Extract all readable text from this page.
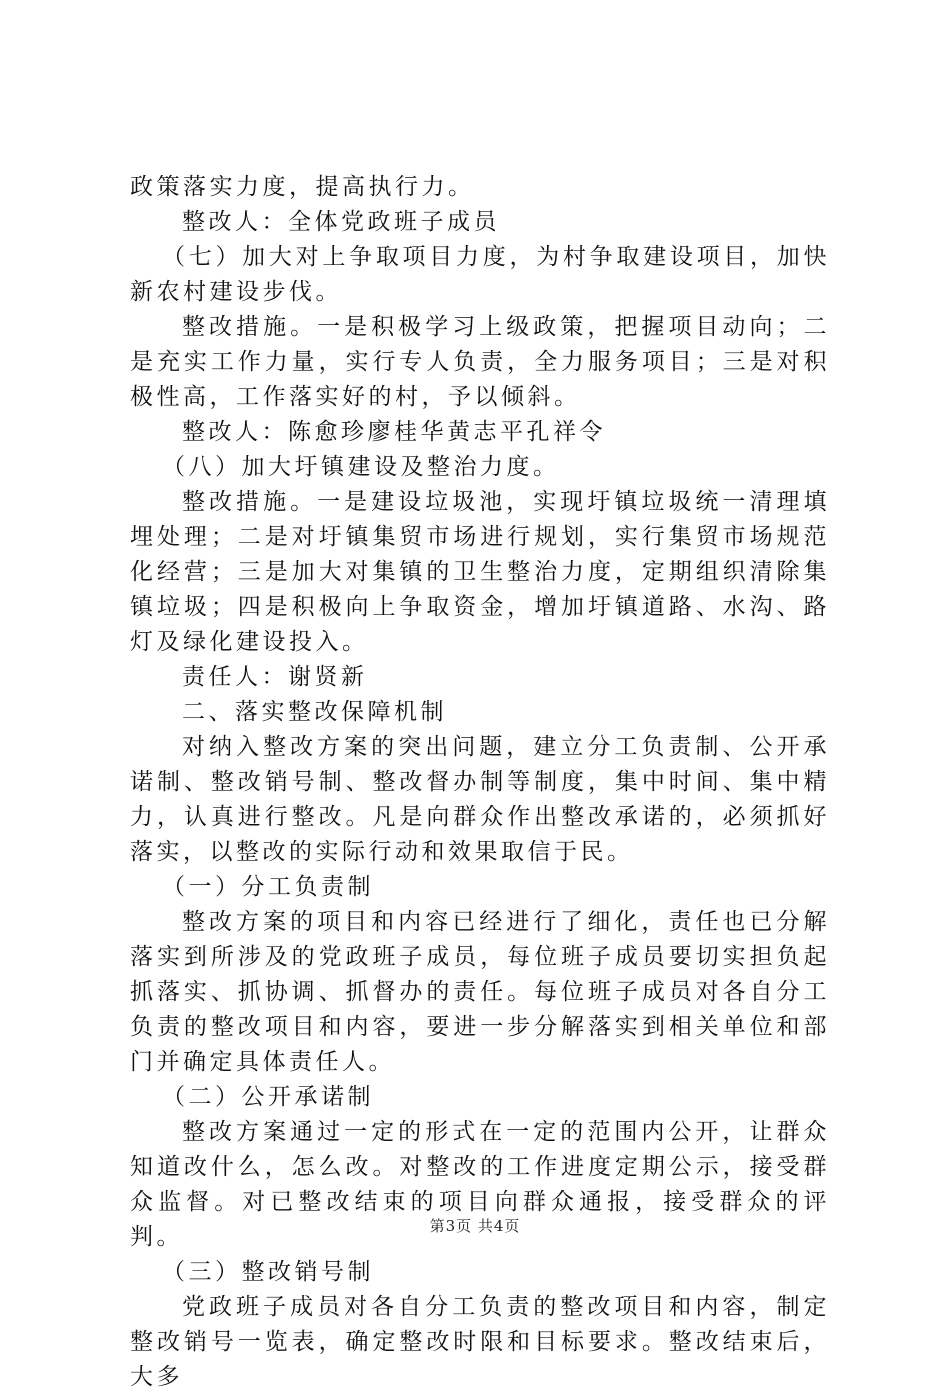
政策落实力度，提高执行力。

整改人：全体党政班子成员

（七）加大对上争取项目力度，为村争取建设项目，加快新农村建设步伐。

整改措施。一是积极学习上级政策，把握项目动向；二是充实工作力量，实行专人负责，全力服务项目；三是对积极性高，工作落实好的村，予以倾斜。

整改人：陈愈珍廖桂华黄志平孔祥令

（八）加大圩镇建设及整治力度。

整改措施。一是建设垃圾池，实现圩镇垃圾统一清理填埋处理；二是对圩镇集贸市场进行规划，实行集贸市场规范化经营；三是加大对集镇的卫生整治力度，定期组织清除集镇垃圾；四是积极向上争取资金，增加圩镇道路、水沟、路灯及绿化建设投入。

责任人：谢贤新

二、落实整改保障机制

对纳入整改方案的突出问题，建立分工负责制、公开承诺制、整改销号制、整改督办制等制度，集中时间、集中精力，认真进行整改。凡是向群众作出整改承诺的，必须抓好落实，以整改的实际行动和效果取信于民。

（一）分工负责制

整改方案的项目和内容已经进行了细化，责任也已分解落实到所涉及的党政班子成员，每位班子成员要切实担负起抓落实、抓协调、抓督办的责任。每位班子成员对各自分工负责的整改项目和内容，要进一步分解落实到相关单位和部门并确定具体责任人。

（二）公开承诺制

整改方案通过一定的形式在一定的范围内公开，让群众知道改什么，怎么改。对整改的工作进度定期公示，接受群众监督。对已整改结束的项目向群众通报，接受群众的评判。

（三）整改销号制

党政班子成员对各自分工负责的整改项目和内容，制定整改销号一览表，确定整改时限和目标要求。整改结束后，大多

第3页 共4页
